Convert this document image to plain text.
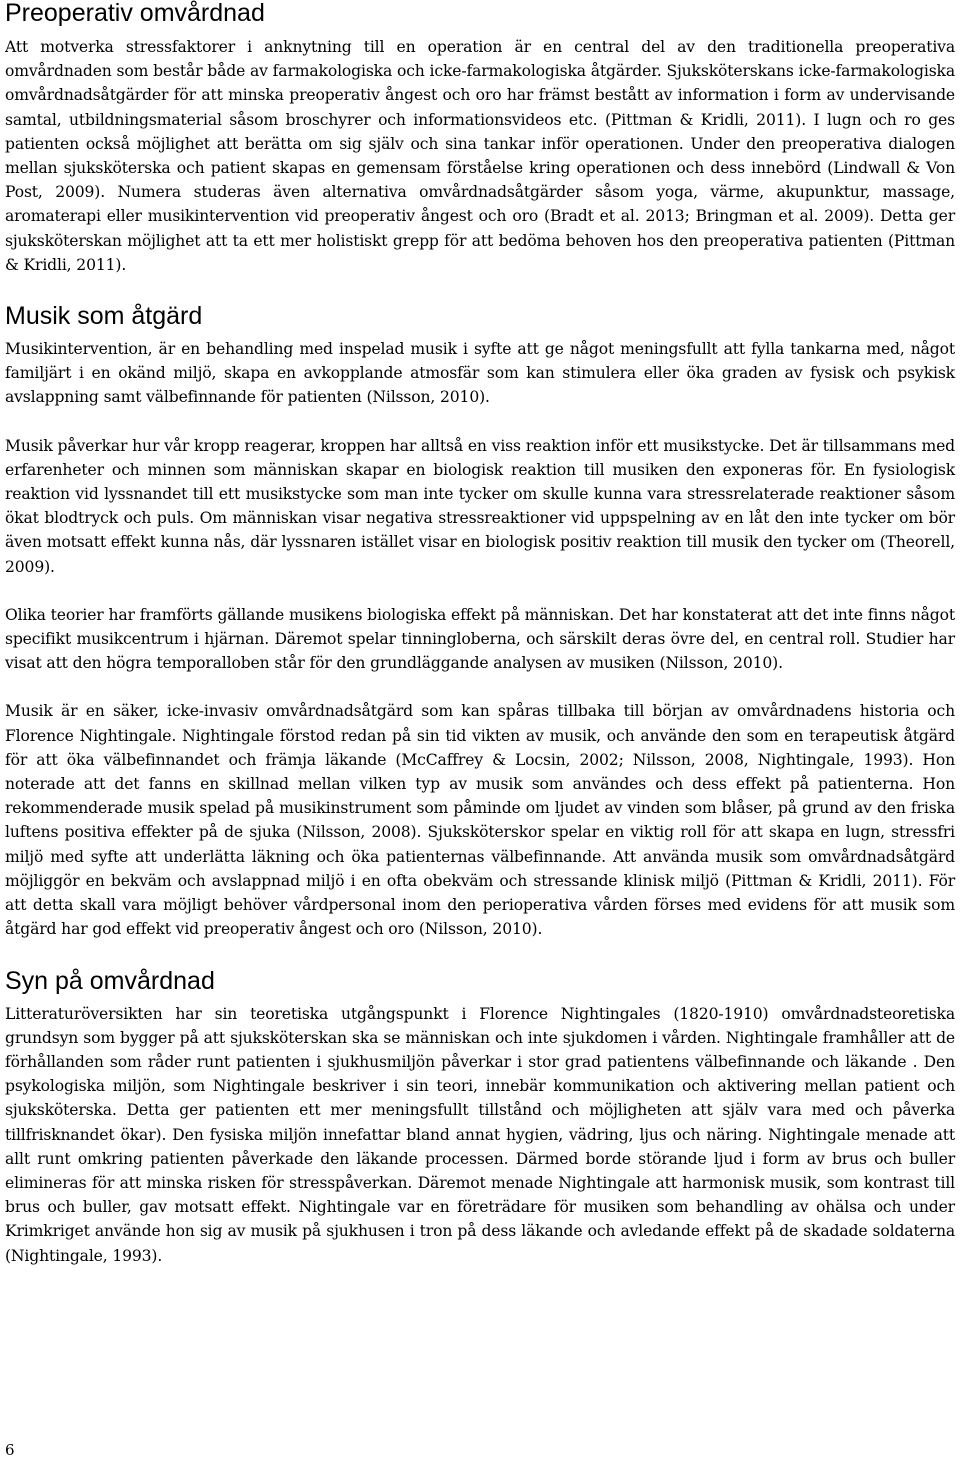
Preoperativ omvårdnad

Att motverka stressfaktorer i anknytning till en operation är en central del av den traditionella preoperativa omvårdnaden som består både av farmakologiska och icke-farmakologiska åtgärder. Sjuksköterskans icke-farmakologiska omvårdnadsåtgärder för att minska preoperativ ångest och oro har främst bestått av information i form av undervisande samtal, utbildningsmaterial såsom broschyrer och informationsvideos etc. (Pittman & Kridli, 2011). I lugn och ro ges patienten också möjlighet att berätta om sig själv och sina tankar inför operationen. Under den preoperativa dialogen mellan sjuksköterska och patient skapas en gemensam förståelse kring operationen och dess innebörd (Lindwall & Von Post, 2009). Numera studeras även alternativa omvårdnadsåtgärder såsom yoga, värme, akupunktur, massage, aromaterapi eller musikintervention vid preoperativ ångest och oro (Bradt et al. 2013; Bringman et al. 2009). Detta ger sjuksköterskan möjlighet att ta ett mer holistiskt grepp för att bedöma behoven hos den preoperativa patienten (Pittman & Kridli, 2011).

Musik som åtgärd

Musikintervention, är en behandling med inspelad musik i syfte att ge något meningsfullt att fylla tankarna med, något familjärt i en okänd miljö, skapa en avkopplande atmosfär som kan stimulera eller öka graden av fysisk och psykisk avslappning samt välbefinnande för patienten (Nilsson, 2010).

Musik påverkar hur vår kropp reagerar, kroppen har alltså en viss reaktion inför ett musikstycke. Det är tillsammans med erfarenheter och minnen som människan skapar en biologisk reaktion till musiken den exponeras för. En fysiologisk reaktion vid lyssnandet till ett musikstycke som man inte tycker om skulle kunna vara stressrelaterade reaktioner såsom ökat blodtryck och puls. Om människan visar negativa stressreaktioner vid uppspelning av en låt den inte tycker om bör även motsatt effekt kunna nås, där lyssnaren istället visar en biologisk positiv reaktion till musik den tycker om (Theorell, 2009).

Olika teorier har framförts gällande musikens biologiska effekt på människan. Det har konstaterat att det inte finns något specifikt musikcentrum i hjärnan. Däremot spelar tinningloberna, och särskilt deras övre del, en central roll. Studier har visat att den högra temporalloben står för den grundläggande analysen av musiken (Nilsson, 2010).

Musik är en säker, icke-invasiv omvårdnadsåtgärd som kan spåras tillbaka till början av omvårdnadens historia och Florence Nightingale. Nightingale förstod redan på sin tid vikten av musik, och använde den som en terapeutisk åtgärd för att öka välbefinnandet och främja läkande (McCaffrey & Locsin, 2002; Nilsson, 2008, Nightingale, 1993). Hon noterade att det fanns en skillnad mellan vilken typ av musik som användes och dess effekt på patienterna. Hon rekommenderade musik spelad på musikinstrument som påminde om ljudet av vinden som blåser, på grund av den friska luftens positiva effekter på de sjuka (Nilsson, 2008). Sjuksköterskor spelar en viktig roll för att skapa en lugn, stressfri miljö med syfte att underlätta läkning och öka patienternas välbefinnande. Att använda musik som omvårdnadsåtgärd möjliggör en bekväm och avslappnad miljö i en ofta obekväm och stressande klinisk miljö (Pittman & Kridli, 2011). För att detta skall vara möjligt behöver vårdpersonal inom den perioperativa vården förses med evidens för att musik som åtgärd har god effekt vid preoperativ ångest och oro (Nilsson, 2010).

Syn på omvårdnad

Litteraturöversikten har sin teoretiska utgångspunkt i Florence Nightingales (1820-1910) omvårdnadsteoretiska grundsyn som bygger på att sjuksköterskan ska se människan och inte sjukdomen i vården. Nightingale framhåller att de förhållanden som råder runt patienten i sjukhusmiljön påverkar i stor grad patientens välbefinnande och läkande . Den psykologiska miljön, som Nightingale beskriver i sin teori, innebär kommunikation och aktivering mellan patient och sjuksköterska. Detta ger patienten ett mer meningsfullt tillstånd och möjligheten att själv vara med och påverka tillfrisknandet ökar). Den fysiska miljön innefattar bland annat hygien, vädring, ljus och näring. Nightingale menade att allt runt omkring patienten påverkade den läkande processen. Därmed borde störande ljud i form av brus och buller elimineras för att minska risken för stresspåverkan. Däremot menade Nightingale att harmonisk musik, som kontrast till brus och buller, gav motsatt effekt. Nightingale var en företrädare för musiken som behandling av ohälsa och under Krimkriget använde hon sig av musik på sjukhusen i tron på dess läkande och avledande effekt på de skadade soldaterna (Nightingale, 1993).

6
